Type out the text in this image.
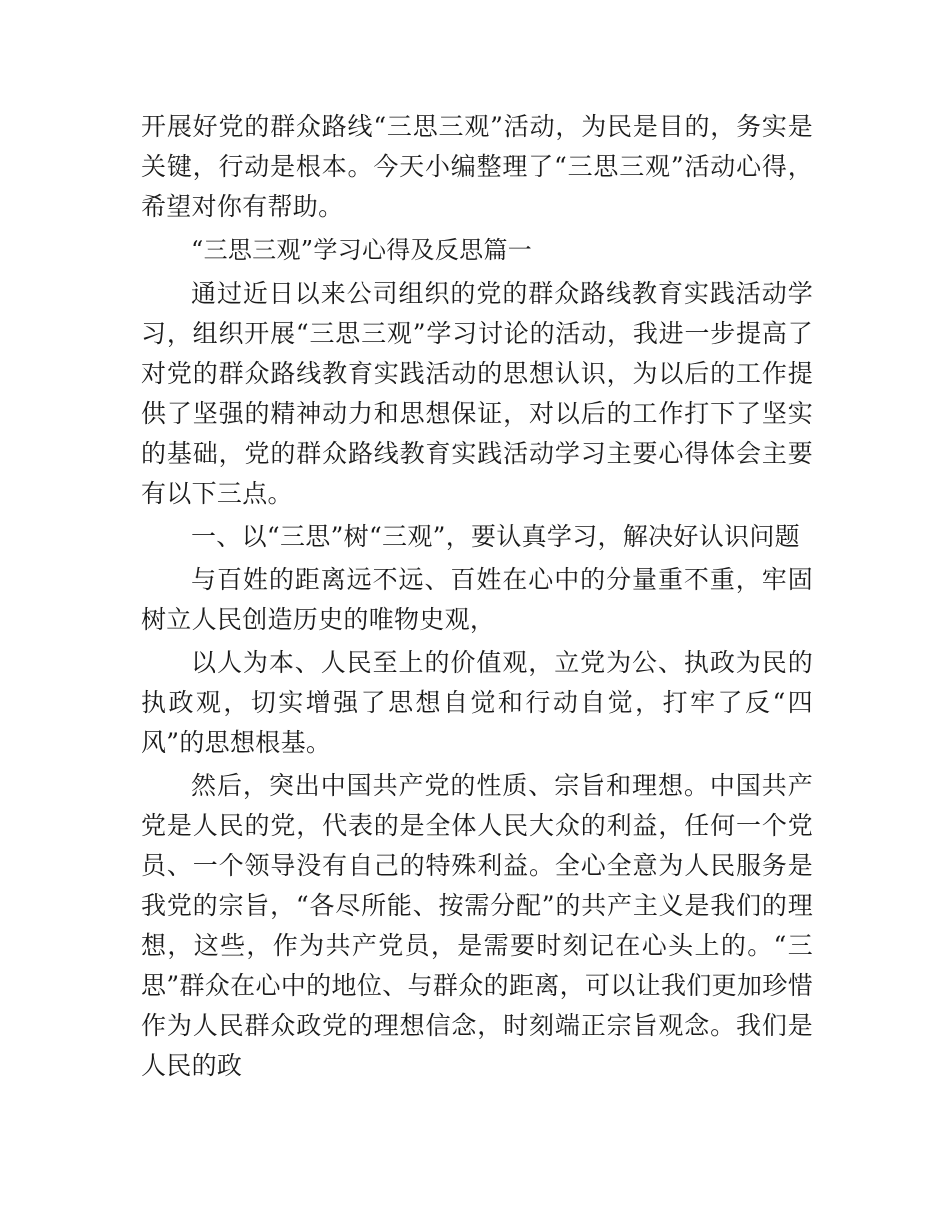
开展好党的群众路线“三思三观”活动，为民是目的，务实是关键，行动是根本。今天小编整理了“三思三观”活动心得，希望对你有帮助。

“三思三观”学习心得及反思篇一

通过近日以来公司组织的党的群众路线教育实践活动学习，组织开展“三思三观”学习讨论的活动，我进一步提高了对党的群众路线教育实践活动的思想认识，为以后的工作提供了坚强的精神动力和思想保证，对以后的工作打下了坚实的基础，党的群众路线教育实践活动学习主要心得体会主要有以下三点。

一、以“三思”树“三观”，要认真学习，解决好认识问题

与百姓的距离远不远、百姓在心中的分量重不重，牢固树立人民创造历史的唯物史观，

以人为本、人民至上的价值观，立党为公、执政为民的执政观，切实增强了思想自觉和行动自觉，打牢了反“四风”的思想根基。

然后，突出中国共产党的性质、宗旨和理想。中国共产党是人民的党，代表的是全体人民大众的利益，任何一个党员、一个领导没有自己的特殊利益。全心全意为人民服务是我党的宗旨，“各尽所能、按需分配”的共产主义是我们的理想，这些，作为共产党员，是需要时刻记在心头上的。“三思”群众在心中的地位、与群众的距离，可以让我们更加珍惜作为人民群众政党的理想信念，时刻端正宗旨观念。我们是人民的政
